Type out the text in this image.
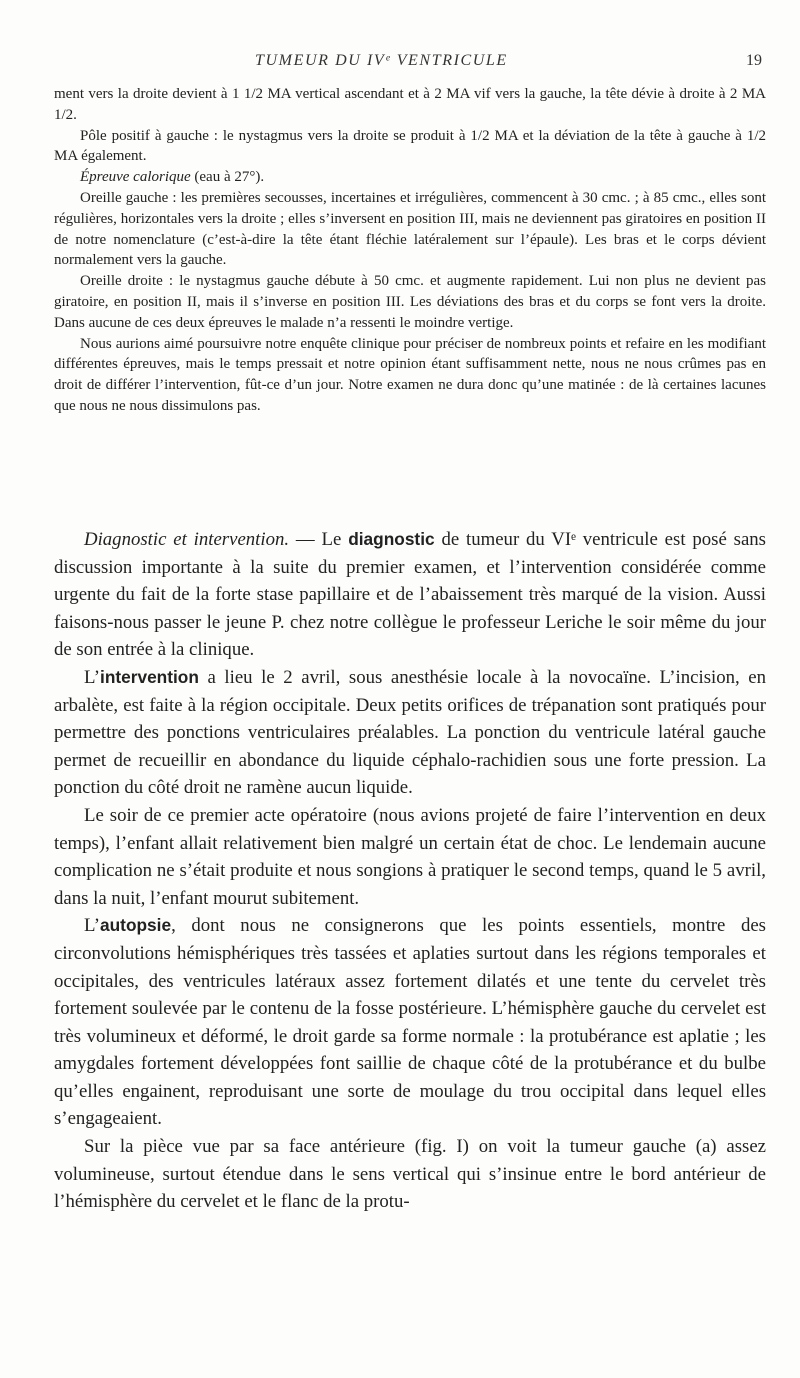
TUMEUR DU IVᵉ VENTRICULE	19

ment vers la droite devient à 1 1/2 MA vertical ascendant et à 2 MA vif vers la gauche, la tête dévie à droite à 2 MA 1/2.

Pôle positif à gauche : le nystagmus vers la droite se produit à 1/2 MA et la déviation de la tête à gauche à 1/2 MA également.

Épreuve calorique (eau à 27°).

Oreille gauche : les premières secousses, incertaines et irrégulières, commencent à 30 cmc. ; à 85 cmc., elles sont régulières, horizontales vers la droite ; elles s’inversent en position III, mais ne deviennent pas giratoires en position II de notre nomenclature (c’est-à-dire la tête étant fléchie latéralement sur l’épaule). Les bras et le corps dévient normalement vers la gauche.

Oreille droite : le nystagmus gauche débute à 50 cmc. et augmente rapidement. Lui non plus ne devient pas giratoire, en position II, mais il s’inverse en position III. Les déviations des bras et du corps se font vers la droite. Dans aucune de ces deux épreuves le malade n’a ressenti le moindre vertige.

Nous aurions aimé poursuivre notre enquête clinique pour préciser de nombreux points et refaire en les modifiant différentes épreuves, mais le temps pressait et notre opinion étant suffisamment nette, nous ne nous crûmes pas en droit de différer l’intervention, fût-ce d’un jour. Notre examen ne dura donc qu’une matinée : de là certaines lacunes que nous ne nous dissimulons pas.

Diagnostic et intervention. — Le diagnostic de tumeur du VIᵉ ventricule est posé sans discussion importante à la suite du premier examen, et l’intervention considérée comme urgente du fait de la forte stase papillaire et de l’abaissement très marqué de la vision. Aussi faisons-nous passer le jeune P. chez notre collègue le professeur Leriche le soir même du jour de son entrée à la clinique.

L’intervention a lieu le 2 avril, sous anesthésie locale à la novocaïne. L’incision, en arbalète, est faite à la région occipitale. Deux petits orifices de trépanation sont pratiqués pour permettre des ponctions ventriculaires préalables. La ponction du ventricule latéral gauche permet de recueillir en abondance du liquide céphalo-rachidien sous une forte pression. La ponction du côté droit ne ramène aucun liquide.

Le soir de ce premier acte opératoire (nous avions projeté de faire l’intervention en deux temps), l’enfant allait relativement bien malgré un certain état de choc. Le lendemain aucune complication ne s’était produite et nous songions à pratiquer le second temps, quand le 5 avril, dans la nuit, l’enfant mourut subitement.

L’autopsie, dont nous ne consignerons que les points essentiels, montre des circonvolutions hémisphériques très tassées et aplaties surtout dans les régions temporales et occipitales, des ventricules latéraux assez fortement dilatés et une tente du cervelet très fortement soulevée par le contenu de la fosse postérieure. L’hémisphère gauche du cervelet est très volumineux et déformé, le droit garde sa forme normale : la protubérance est aplatie ; les amygdales fortement développées font saillie de chaque côté de la protubérance et du bulbe qu’elles engainent, reproduisant une sorte de moulage du trou occipital dans lequel elles s’engageaient.

Sur la pièce vue par sa face antérieure (fig. I) on voit la tumeur gauche (a) assez volumineuse, surtout étendue dans le sens vertical qui s’insinue entre le bord antérieur de l’hémisphère du cervelet et le flanc de la protu-
